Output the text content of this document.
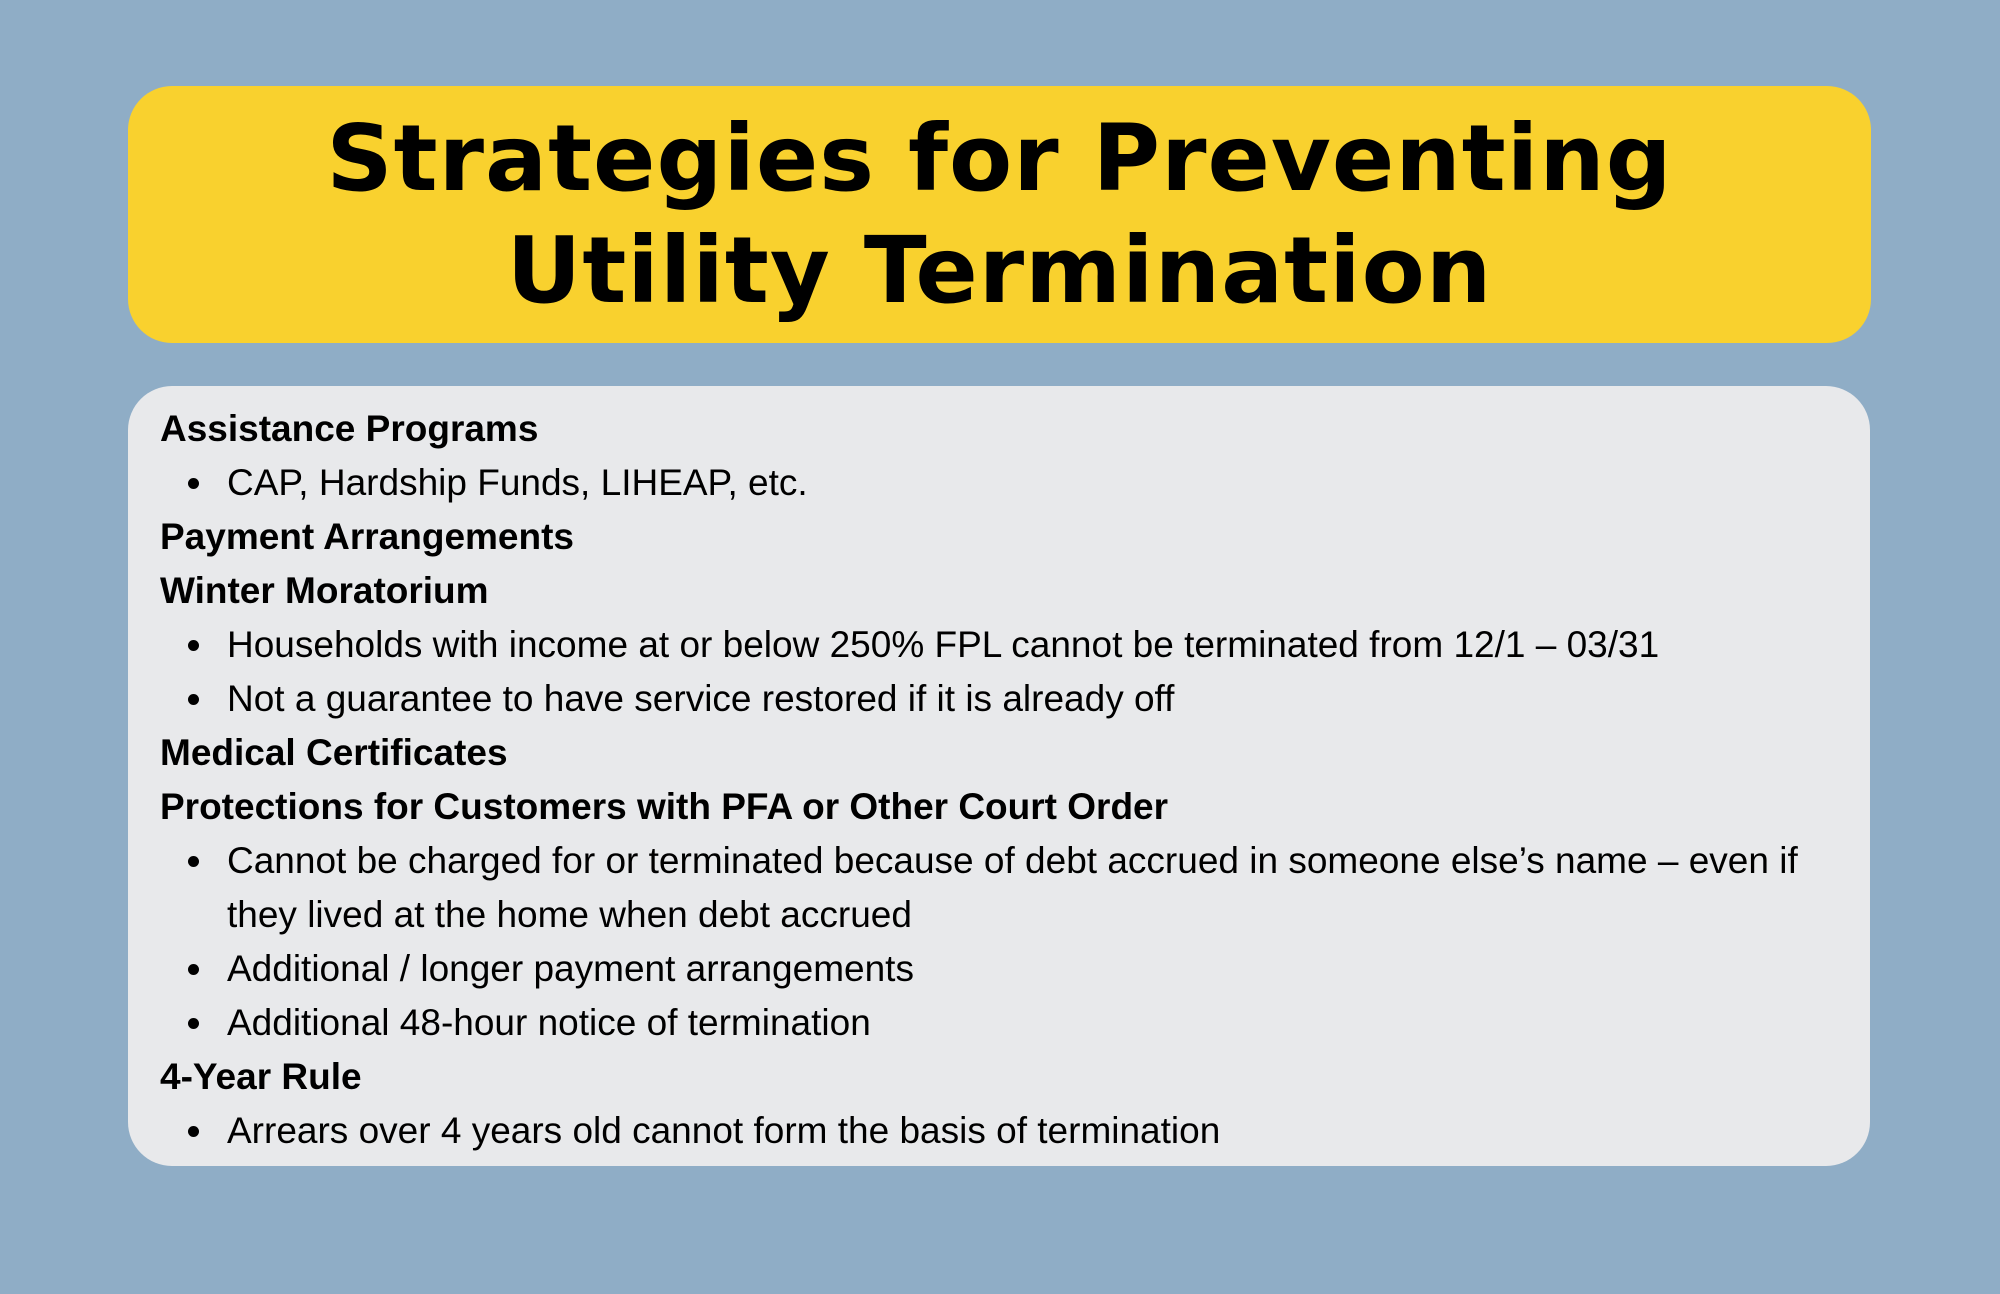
Strategies for Preventing
Utility Termination
Assistance Programs
CAP, Hardship Funds, LIHEAP, etc.
Payment Arrangements
Winter Moratorium
Households with income at or below 250% FPL cannot be terminated from 12/1 – 03/31
Not a guarantee to have service restored if it is already off
Medical Certificates
Protections for Customers with PFA or Other Court Order
Cannot be charged for or terminated because of debt accrued in someone else’s name – even if they lived at the home when debt accrued
Additional / longer payment arrangements
Additional 48-hour notice of termination
4-Year Rule
Arrears over 4 years old cannot form the basis of termination
